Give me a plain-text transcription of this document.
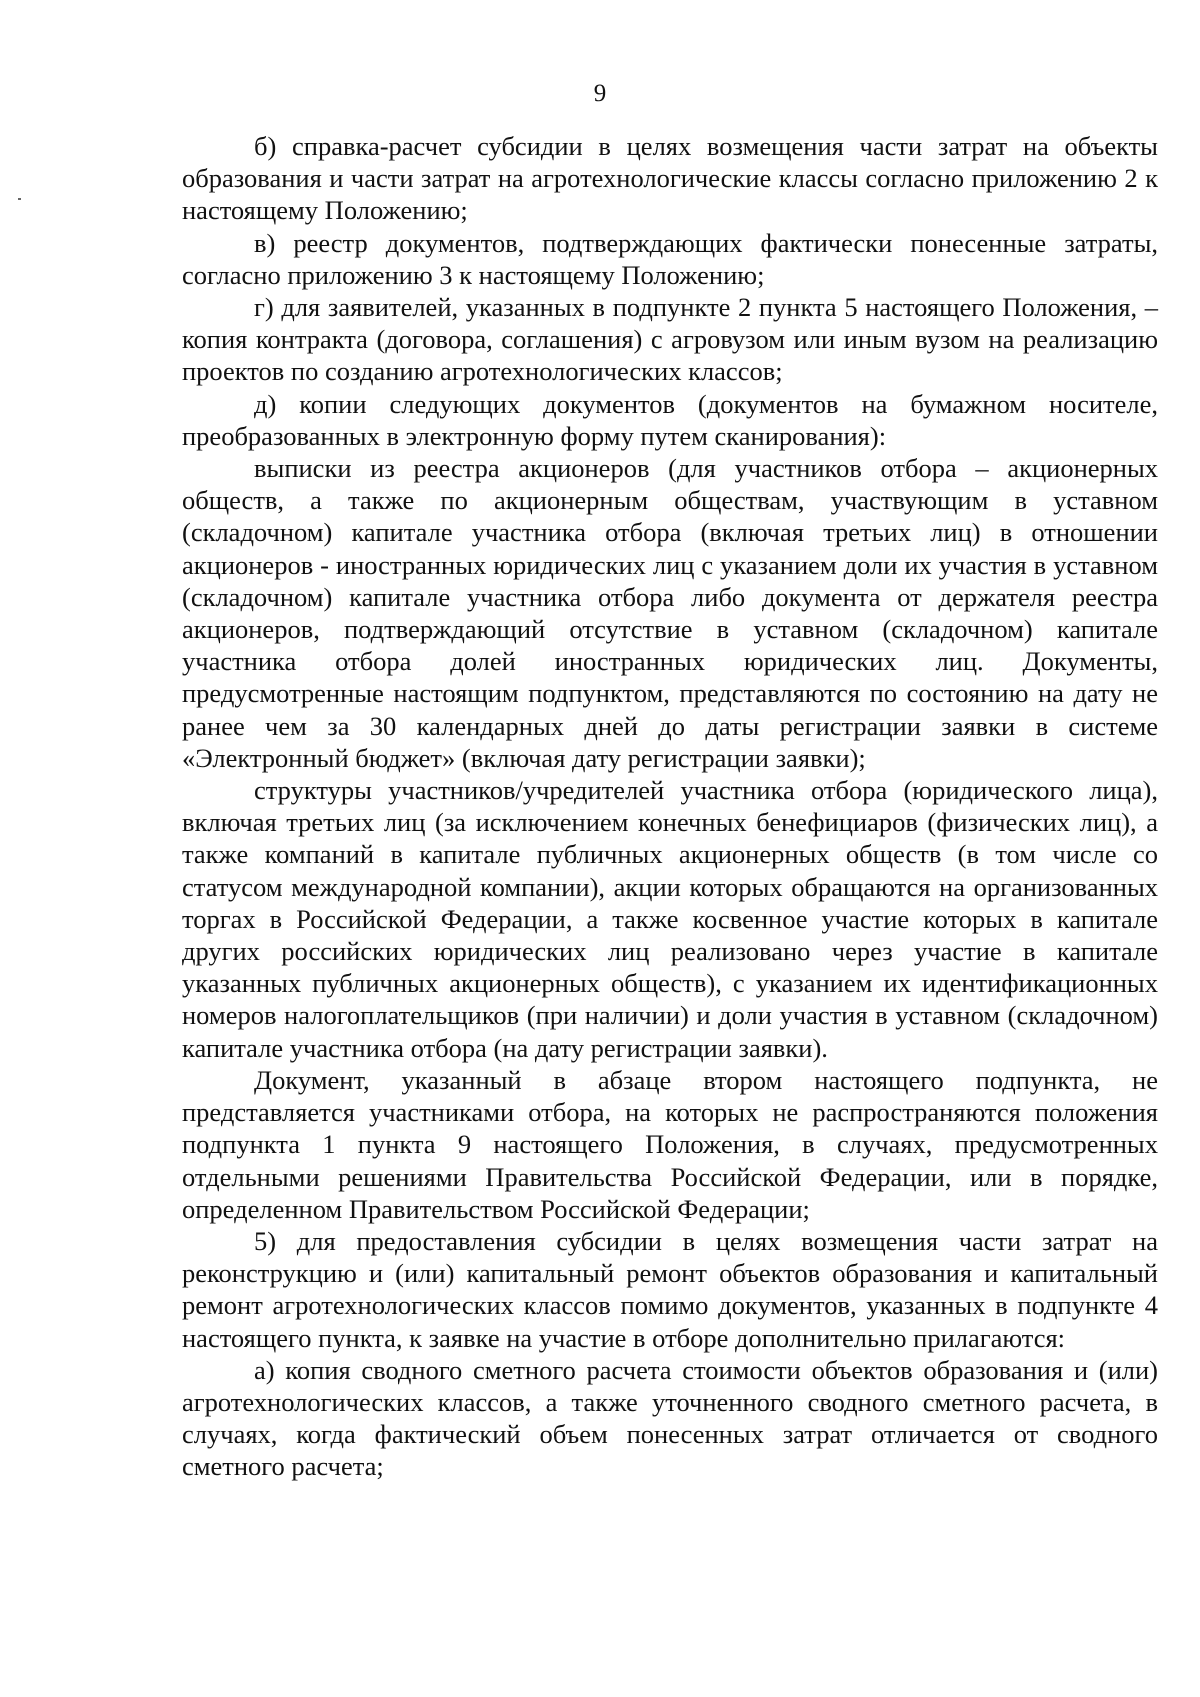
9

б) справка-расчет субсидии в целях возмещения части затрат на объекты образования и части затрат на агротехнологические классы согласно приложению 2 к настоящему Положению;

в) реестр документов, подтверждающих фактически понесенные затраты, согласно приложению 3 к настоящему Положению;

г) для заявителей, указанных в подпункте 2 пункта 5 настоящего Положения, – копия контракта (договора, соглашения) с агровузом или иным вузом на реализацию проектов по созданию агротехнологических классов;

д) копии следующих документов (документов на бумажном носителе, преобразованных в электронную форму путем сканирования):

выписки из реестра акционеров (для участников отбора – акционерных обществ, а также по акционерным обществам, участвующим в уставном (складочном) капитале участника отбора (включая третьих лиц) в отношении акционеров - иностранных юридических лиц с указанием доли их участия в уставном (складочном) капитале участника отбора либо документа от держателя реестра акционеров, подтверждающий отсутствие в уставном (складочном) капитале участника отбора долей иностранных юридических лиц. Документы, предусмотренные настоящим подпунктом, представляются по состоянию на дату не ранее чем за 30 календарных дней до даты регистрации заявки в системе «Электронный бюджет» (включая дату регистрации заявки);

структуры участников/учредителей участника отбора (юридического лица), включая третьих лиц (за исключением конечных бенефициаров (физических лиц), а также компаний в капитале публичных акционерных обществ (в том числе со статусом международной компании), акции которых обращаются на организованных торгах в Российской Федерации, а также косвенное участие которых в капитале других российских юридических лиц реализовано через участие в капитале указанных публичных акционерных обществ), с указанием их идентификационных номеров налогоплательщиков (при наличии) и доли участия в уставном (складочном) капитале участника отбора (на дату регистрации заявки).

Документ, указанный в абзаце втором настоящего подпункта, не представляется участниками отбора, на которых не распространяются положения подпункта 1 пункта 9 настоящего Положения, в случаях, предусмотренных отдельными решениями Правительства Российской Федерации, или в порядке, определенном Правительством Российской Федерации;

5) для предоставления субсидии в целях возмещения части затрат на реконструкцию и (или) капитальный ремонт объектов образования и капитальный ремонт агротехнологических классов помимо документов, указанных в подпункте 4 настоящего пункта, к заявке на участие в отборе дополнительно прилагаются:

а) копия сводного сметного расчета стоимости объектов образования и (или) агротехнологических классов, а также уточненного сводного сметного расчета, в случаях, когда фактический объем понесенных затрат отличается от сводного сметного расчета;
